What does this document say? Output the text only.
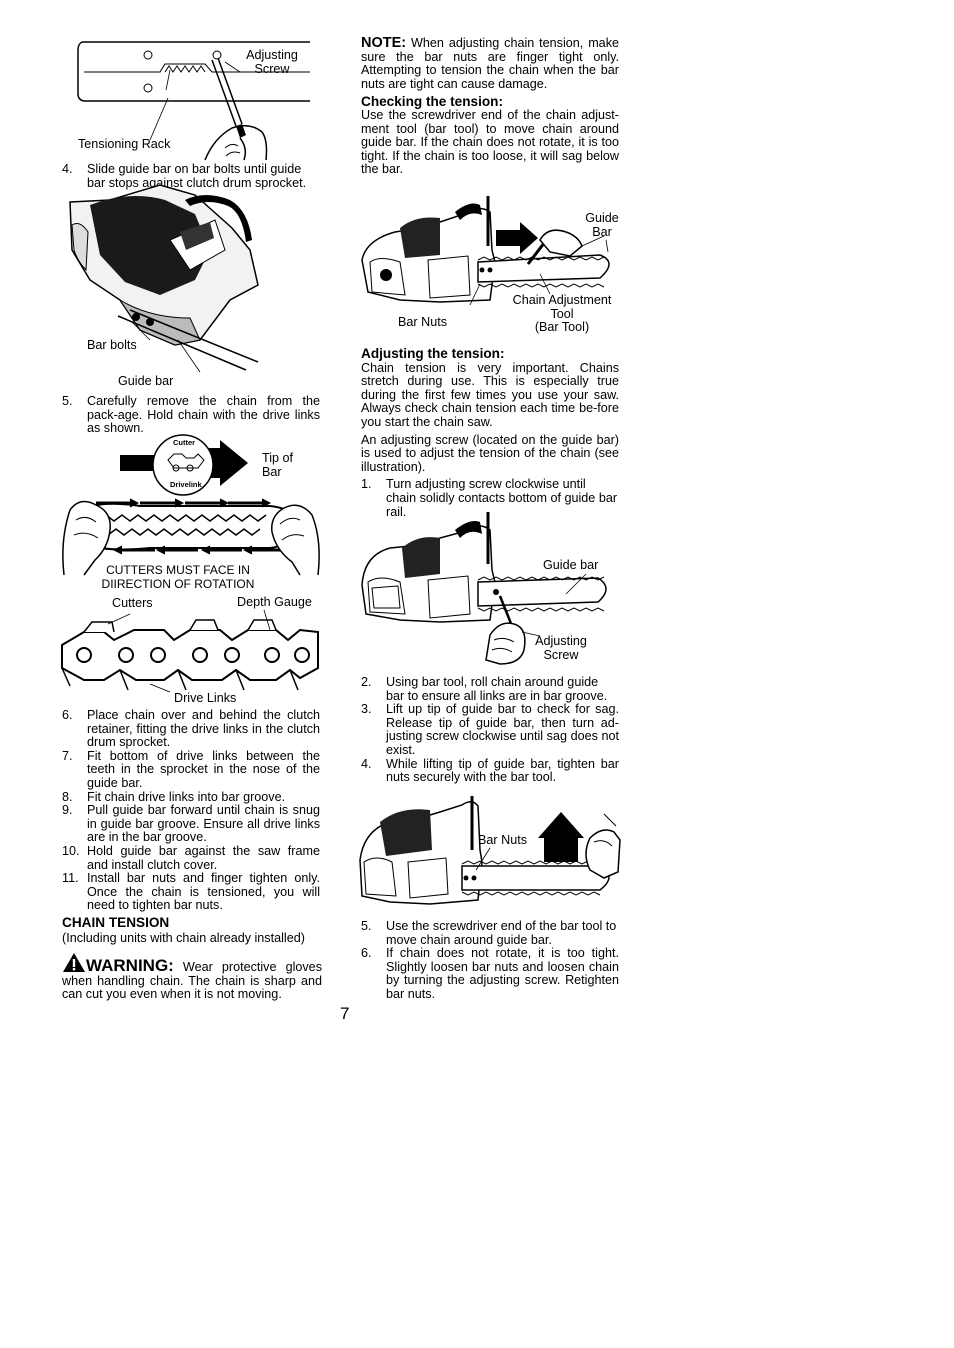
Adjusting
Screw
Tensioning Rack
4.	Slide guide bar on bar bolts until guide bar stops against clutch drum sprocket.
Bar bolts
Guide bar
5.	Carefully remove the chain from the pack-age. Hold chain with the drive links as shown.
Cutter
Drivelink
Tip of
Bar
CUTTERS MUST FACE IN
DIIRECTION OF ROTATION
Cutters	Depth Gauge
Drive Links
6.	Place chain over and behind the clutch retainer, fitting the drive links in the clutch drum sprocket.
7.	Fit bottom of drive links between the teeth in the sprocket in the nose of the guide bar.
8.	Fit chain drive links into bar groove.
9.	Pull guide bar forward until chain is snug in guide bar groove. Ensure all drive links are in the bar groove.
10. Hold guide bar against the saw frame and install clutch cover.
11. Install bar nuts and finger tighten only. Once the chain is tensioned, you will need to tighten bar nuts.
CHAIN TENSION
(Including units with chain already installed)
WARNING: Wear protective gloves when handling chain. The chain is sharp and can cut you even when it is not moving.

NOTE: When adjusting chain tension, make sure the bar nuts are finger tight only. Attempting to tension the chain when the bar nuts are tight can cause damage.

Checking the tension:

Use the screwdriver end of the chain adjust-ment tool (bar tool) to move chain around guide bar. If the chain does not rotate, it is too tight. If the chain is too loose, it will sag below the bar.

Guide
Bar
Chain Adjustment
Tool
(Bar Tool)
Bar Nuts
Adjusting the tension:

Chain tension is very important. Chains stretch during use. This is especially true during the first few times you use your saw. Always check chain tension each time be-fore you start the chain saw.

An adjusting screw (located on the guide bar) is used to adjust the tension of the chain (see illustration).

1.	Turn adjusting screw clockwise until chain solidly contacts bottom of guide bar rail.
Guide bar
Adjusting
Screw
2.	Using bar tool, roll chain around guide bar to ensure all links are in bar groove.
3.	Lift up tip of guide bar to check for sag. Release tip of guide bar, then turn ad-justing screw clockwise until sag does not exist.
4.	While lifting tip of guide bar, tighten bar nuts securely with the bar tool.
Bar Nuts
5.	Use the screwdriver end of the bar tool to move chain around guide bar.
6.	If chain does not rotate, it is too tight. Slightly loosen bar nuts and loosen chain by turning the adjusting screw. Retighten bar nuts.
7
